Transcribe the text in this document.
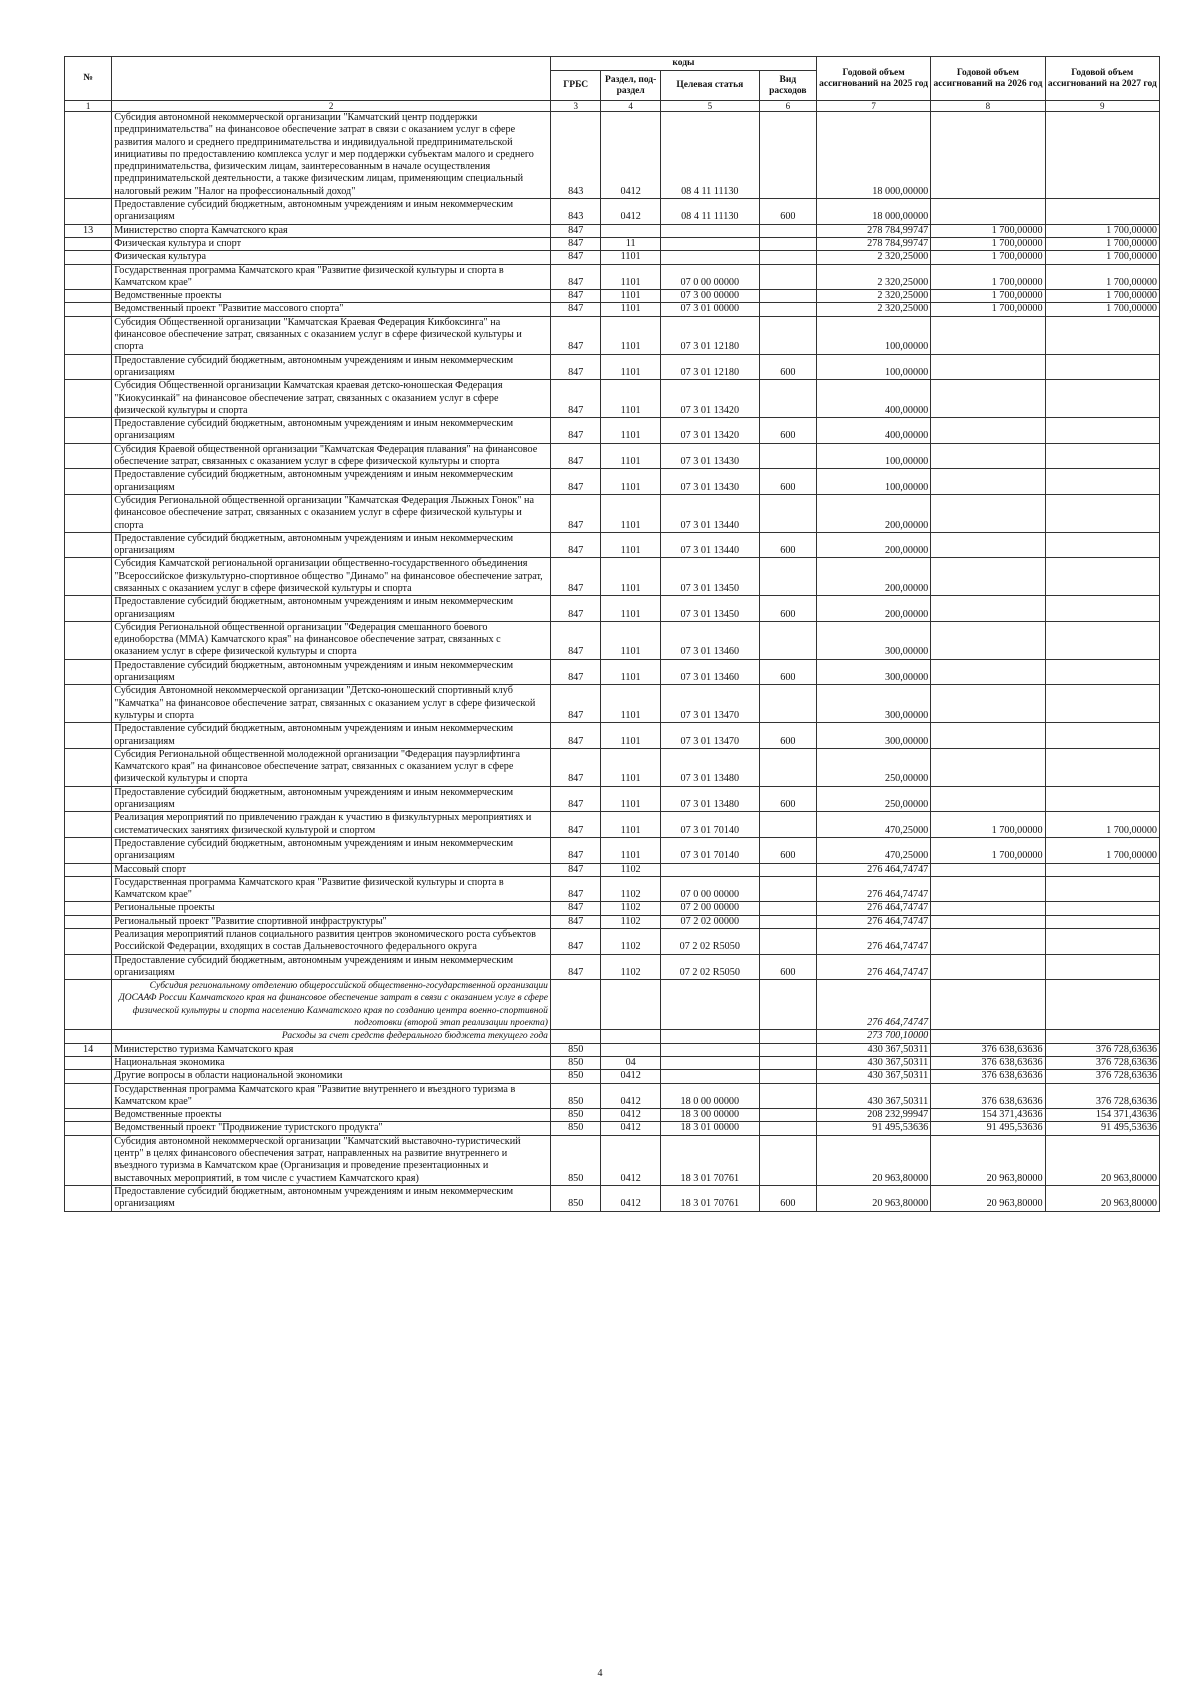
№		коды				Годовой объем ассигнований на 2025 год	Годовой объем ассигнований на 2026 год	Годовой объем ассигнований на 2027 год
		ГРБС	Раздел, под-раздел	Целевая статья	Вид расходов			
1	2	3	4	5	6	7	8	9
	Субсидия автономной некоммерческой организации "Камчатский центр поддержки предпринимательства" на финансовое обеспечение затрат в связи с оказанием услуг в сфере развития малого и среднего предпринимательства и индивидуальной предпринимательской инициативы по предоставлению комплекса услуг и мер поддержки субъектам малого и среднего предпринимательства, физическим лицам, заинтересованным в начале осуществления предпринимательской деятельности, а также физическим лицам, применяющим специальный налоговый режим "Налог на профессиональный доход"	843	0412	08 4 11 11130		18 000,00000		
	Предоставление субсидий бюджетным, автономным учреждениям и иным некоммерческим организациям	843	0412	08 4 11 11130	600	18 000,00000		
13	Министерство спорта Камчатского края	847				278 784,99747	1 700,00000	1 700,00000
	Физическая культура и спорт	847	11			278 784,99747	1 700,00000	1 700,00000
	Физическая культура	847	1101			2 320,25000	1 700,00000	1 700,00000
	Государственная программа Камчатского края "Развитие физической культуры и спорта в Камчатском крае"	847	1101	07 0 00 00000		2 320,25000	1 700,00000	1 700,00000
	Ведомственные проекты	847	1101	07 3 00 00000		2 320,25000	1 700,00000	1 700,00000
	Ведомственный проект "Развитие массового спорта"	847	1101	07 3 01 00000		2 320,25000	1 700,00000	1 700,00000
	Субсидия Общественной организации "Камчатская Краевая Федерация Кикбоксинга" на финансовое обеспечение затрат, связанных с оказанием услуг в сфере физической культуры и спорта	847	1101	07 3 01 12180		100,00000		
	Предоставление субсидий бюджетным, автономным учреждениям и иным некоммерческим организациям	847	1101	07 3 01 12180	600	100,00000		
	Субсидия Общественной организации Камчатская краевая детско-юношеская Федерация "Киокусинкай" на финансовое обеспечение затрат, связанных с оказанием услуг в сфере физической культуры и спорта	847	1101	07 3 01 13420		400,00000		
	Предоставление субсидий бюджетным, автономным учреждениям и иным некоммерческим организациям	847	1101	07 3 01 13420	600	400,00000		
	Субсидия Краевой общественной организации "Камчатская Федерация плавания" на финансовое обеспечение затрат, связанных с оказанием услуг в сфере физической культуры и спорта	847	1101	07 3 01 13430		100,00000		
	Предоставление субсидий бюджетным, автономным учреждениям и иным некоммерческим организациям	847	1101	07 3 01 13430	600	100,00000		
	Субсидия Региональной общественной организации "Камчатская Федерация Лыжных Гонок" на финансовое обеспечение затрат, связанных с оказанием услуг в сфере физической культуры и спорта	847	1101	07 3 01 13440		200,00000		
	Предоставление субсидий бюджетным, автономным учреждениям и иным некоммерческим организациям	847	1101	07 3 01 13440	600	200,00000		
	Субсидия Камчатской региональной организации общественно-государственного объединения "Всероссийское физкультурно-спортивное общество "Динамо" на финансовое обеспечение затрат, связанных с оказанием услуг в сфере физической культуры и спорта	847	1101	07 3 01 13450		200,00000		
	Предоставление субсидий бюджетным, автономным учреждениям и иным некоммерческим организациям	847	1101	07 3 01 13450	600	200,00000		
	Субсидия Региональной общественной организации "Федерация смешанного боевого единоборства (ММА) Камчатского края" на финансовое обеспечение затрат, связанных с оказанием услуг в сфере физической культуры и спорта	847	1101	07 3 01 13460		300,00000		
	Предоставление субсидий бюджетным, автономным учреждениям и иным некоммерческим организациям	847	1101	07 3 01 13460	600	300,00000		
	Субсидия Автономной некоммерческой организации "Детско-юношеский спортивный клуб "Камчатка" на финансовое обеспечение затрат, связанных с оказанием услуг в сфере физической культуры и спорта	847	1101	07 3 01 13470		300,00000		
	Предоставление субсидий бюджетным, автономным учреждениям и иным некоммерческим организациям	847	1101	07 3 01 13470	600	300,00000		
	Субсидия Региональной общественной молодежной организации "Федерация пауэрлифтинга Камчатского края" на финансовое обеспечение затрат, связанных с оказанием услуг в сфере физической культуры и спорта	847	1101	07 3 01 13480		250,00000		
	Предоставление субсидий бюджетным, автономным учреждениям и иным некоммерческим организациям	847	1101	07 3 01 13480	600	250,00000		
	Реализация мероприятий по привлечению граждан к участию в физкультурных мероприятиях и систематических занятиях физической культурой и спортом	847	1101	07 3 01 70140		470,25000	1 700,00000	1 700,00000
	Предоставление субсидий бюджетным, автономным учреждениям и иным некоммерческим организациям	847	1101	07 3 01 70140	600	470,25000	1 700,00000	1 700,00000
	Массовый спорт	847	1102			276 464,74747		
	Государственная программа Камчатского края "Развитие физической культуры и спорта в Камчатском крае"	847	1102	07 0 00 00000		276 464,74747		
	Региональные проекты	847	1102	07 2 00 00000		276 464,74747		
	Региональный проект "Развитие спортивной инфраструктуры"	847	1102	07 2 02 00000		276 464,74747		
	Реализация мероприятий планов социального развития центров экономического роста субъектов Российской Федерации, входящих в состав Дальневосточного федерального округа	847	1102	07 2 02 R5050		276 464,74747		
	Предоставление субсидий бюджетным, автономным учреждениям и иным некоммерческим организациям	847	1102	07 2 02 R5050	600	276 464,74747		
	Субсидия региональному отделению общероссийской общественно-государственной организации ДОСААФ России Камчатского края на финансовое обеспечение затрат в связи с оказанием услуг в сфере физической культуры и спорта населению Камчатского края по созданию центра военно-спортивной подготовки (второй этап реализации проекта)					276 464,74747		
	Расходы за счет средств федерального бюджета текущего года					273 700,10000		
14	Министерство туризма Камчатского края	850				430 367,50311	376 638,63636	376 728,63636
	Национальная экономика	850	04			430 367,50311	376 638,63636	376 728,63636
	Другие вопросы в области национальной экономики	850	0412			430 367,50311	376 638,63636	376 728,63636
	Государственная программа Камчатского края "Развитие внутреннего и въездного туризма в Камчатском крае"	850	0412	18 0 00 00000		430 367,50311	376 638,63636	376 728,63636
	Ведомственные проекты	850	0412	18 3 00 00000		208 232,99947	154 371,43636	154 371,43636
	Ведомственный проект "Продвижение туристского продукта"	850	0412	18 3 01 00000		91 495,53636	91 495,53636	91 495,53636
	Субсидия автономной некоммерческой организации "Камчатский выставочно-туристический центр" в целях финансового обеспечения затрат, направленных на развитие внутреннего и въездного туризма в Камчатском крае (Организация и проведение презентационных и выставочных мероприятий, в том числе с участием Камчатского края)	850	0412	18 3 01 70761		20 963,80000	20 963,80000	20 963,80000
	Предоставление субсидий бюджетным, автономным учреждениям и иным некоммерческим организациям	850	0412	18 3 01 70761	600	20 963,80000	20 963,80000	20 963,80000
4
